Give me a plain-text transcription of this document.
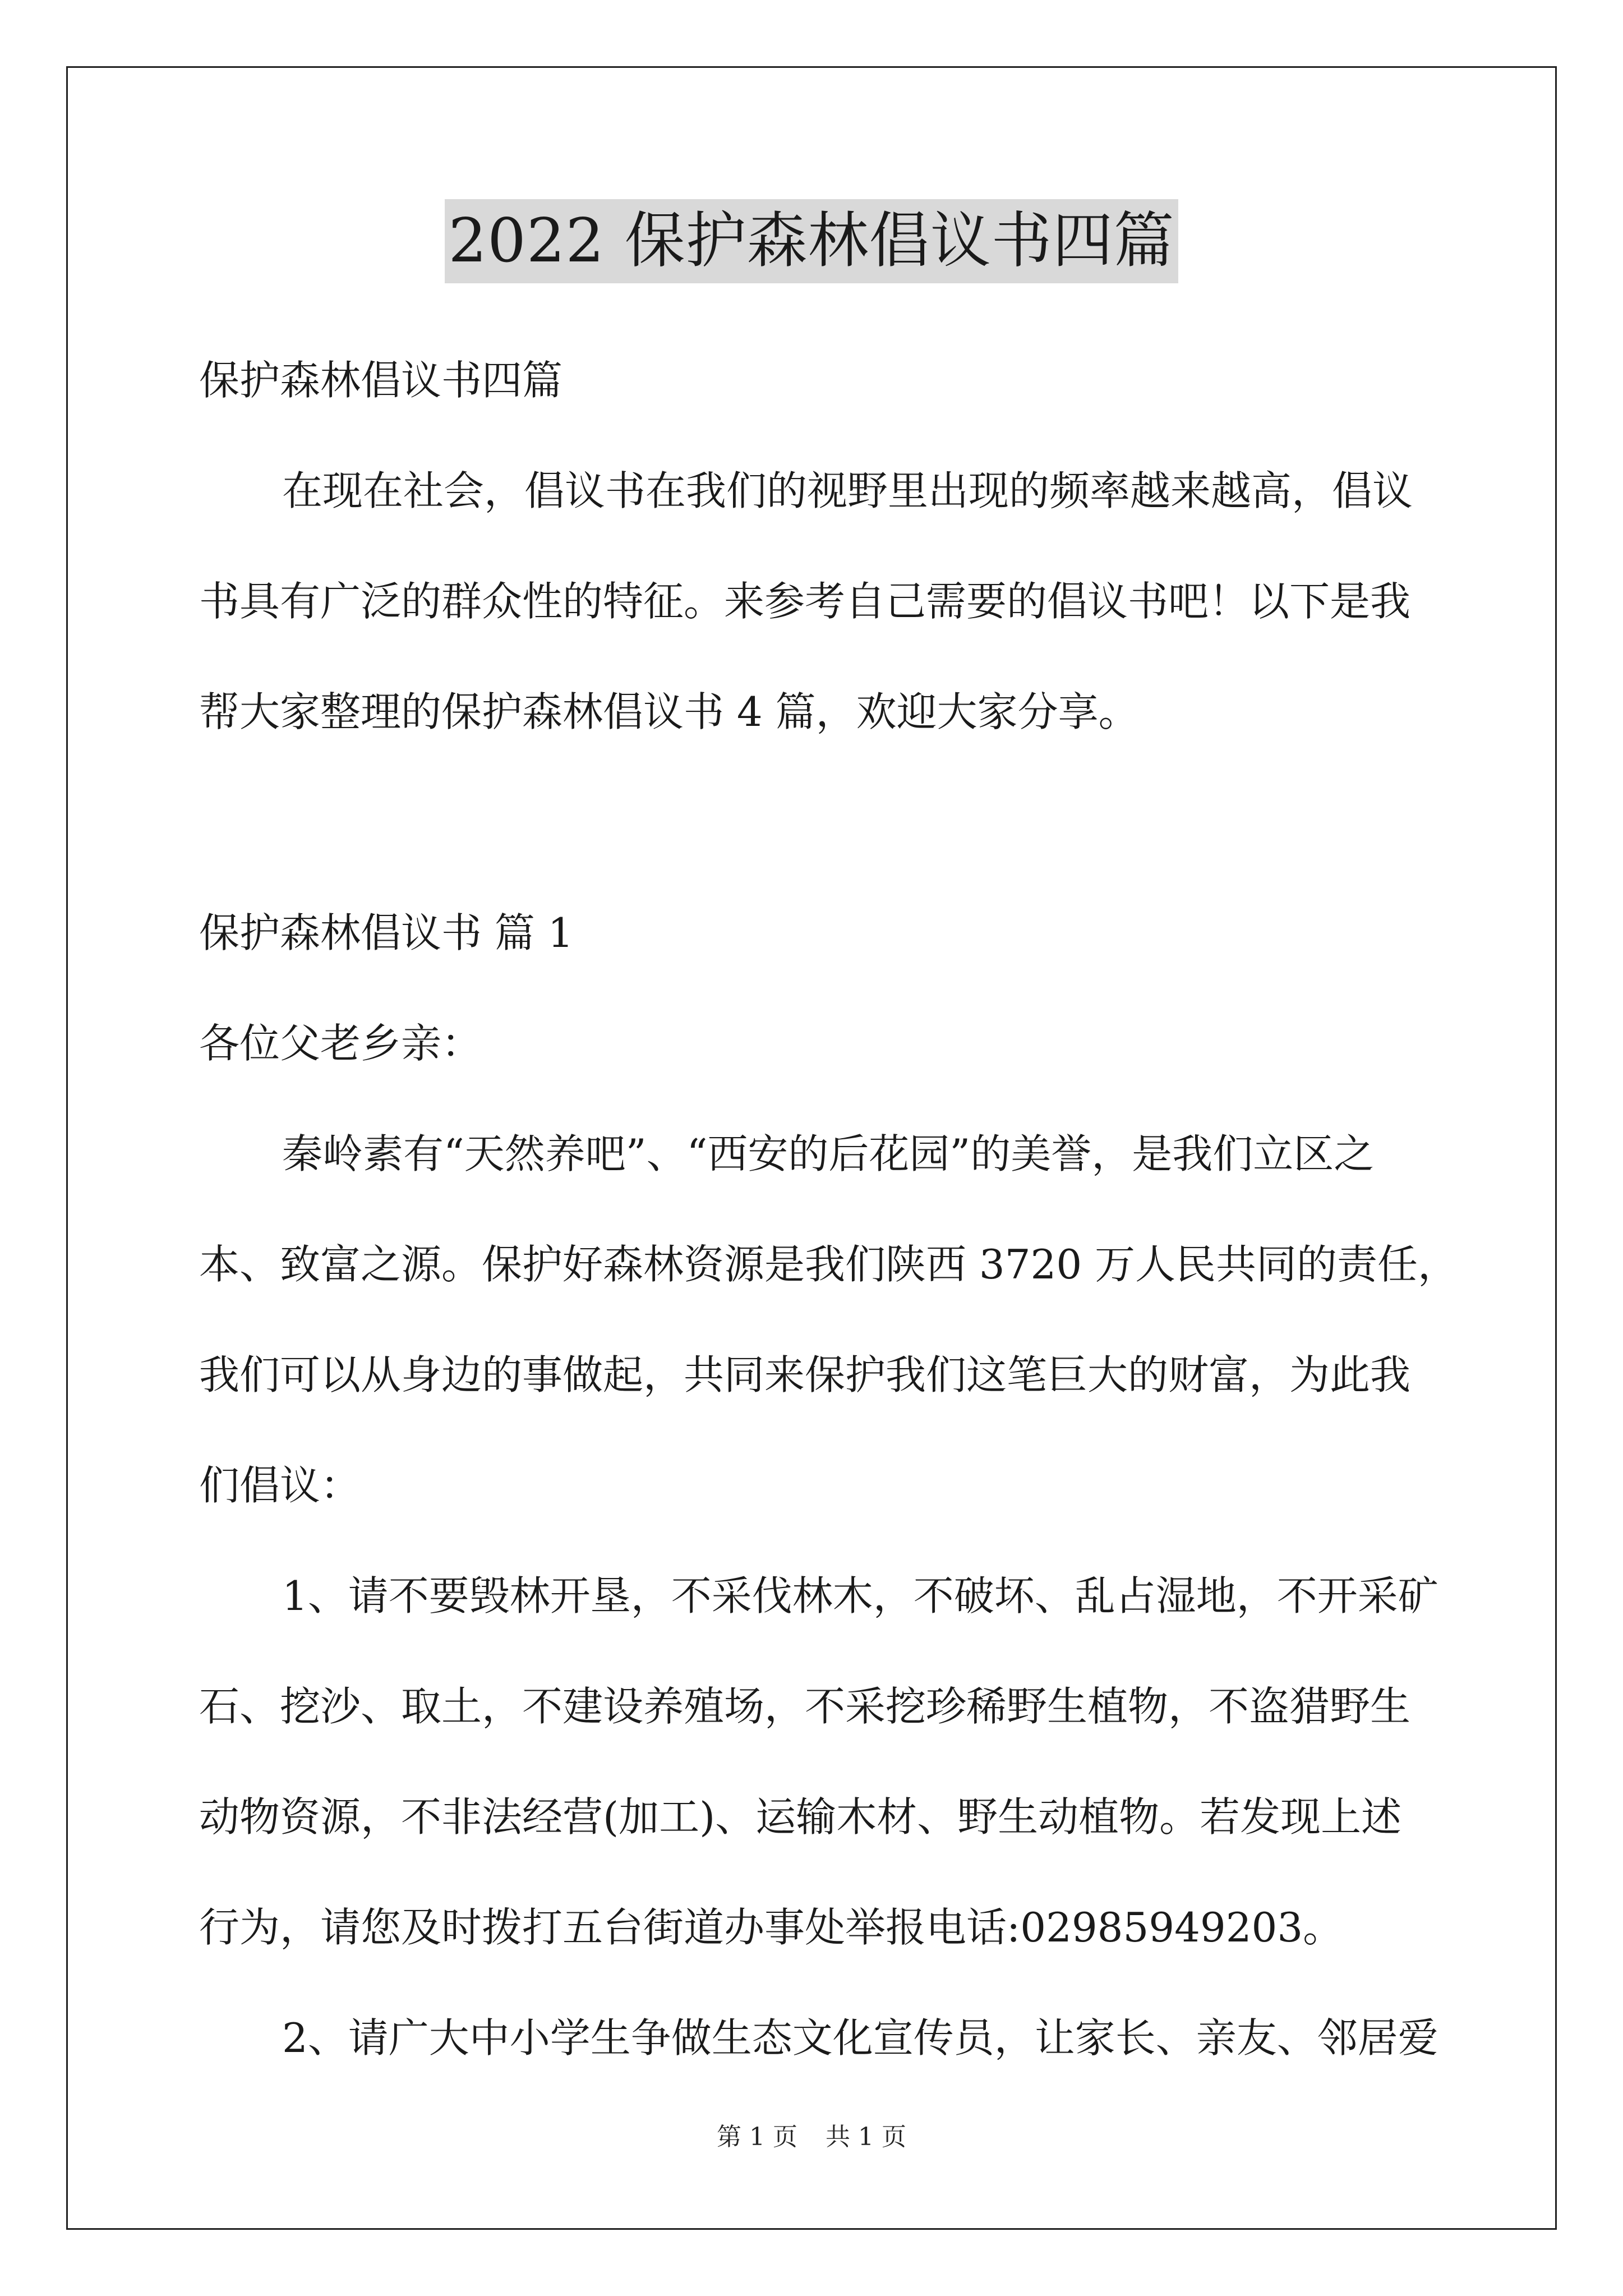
2022 保护森林倡议书四篇
保护森林倡议书四篇
在现在社会，倡议书在我们的视野里出现的频率越来越高，倡议
书具有广泛的群众性的特征。来参考自己需要的倡议书吧！以下是我
帮大家整理的保护森林倡议书 4 篇，欢迎大家分享。
保护森林倡议书 篇 1
各位父老乡亲：
秦岭素有“天然养吧”、“西安的后花园”的美誉，是我们立区之
本、致富之源。保护好森林资源是我们陕西 3720 万人民共同的责任，
我们可以从身边的事做起，共同来保护我们这笔巨大的财富，为此我
们倡议：
1、请不要毁林开垦，不采伐林木，不破坏、乱占湿地，不开采矿
石、挖沙、取土，不建设养殖场，不采挖珍稀野生植物，不盗猎野生
动物资源，不非法经营(加工)、运输木材、野生动植物。若发现上述
行为，请您及时拨打五台街道办事处举报电话:02985949203。
2、请广大中小学生争做生态文化宣传员，让家长、亲友、邻居爱
第 1 页 共 1 页
